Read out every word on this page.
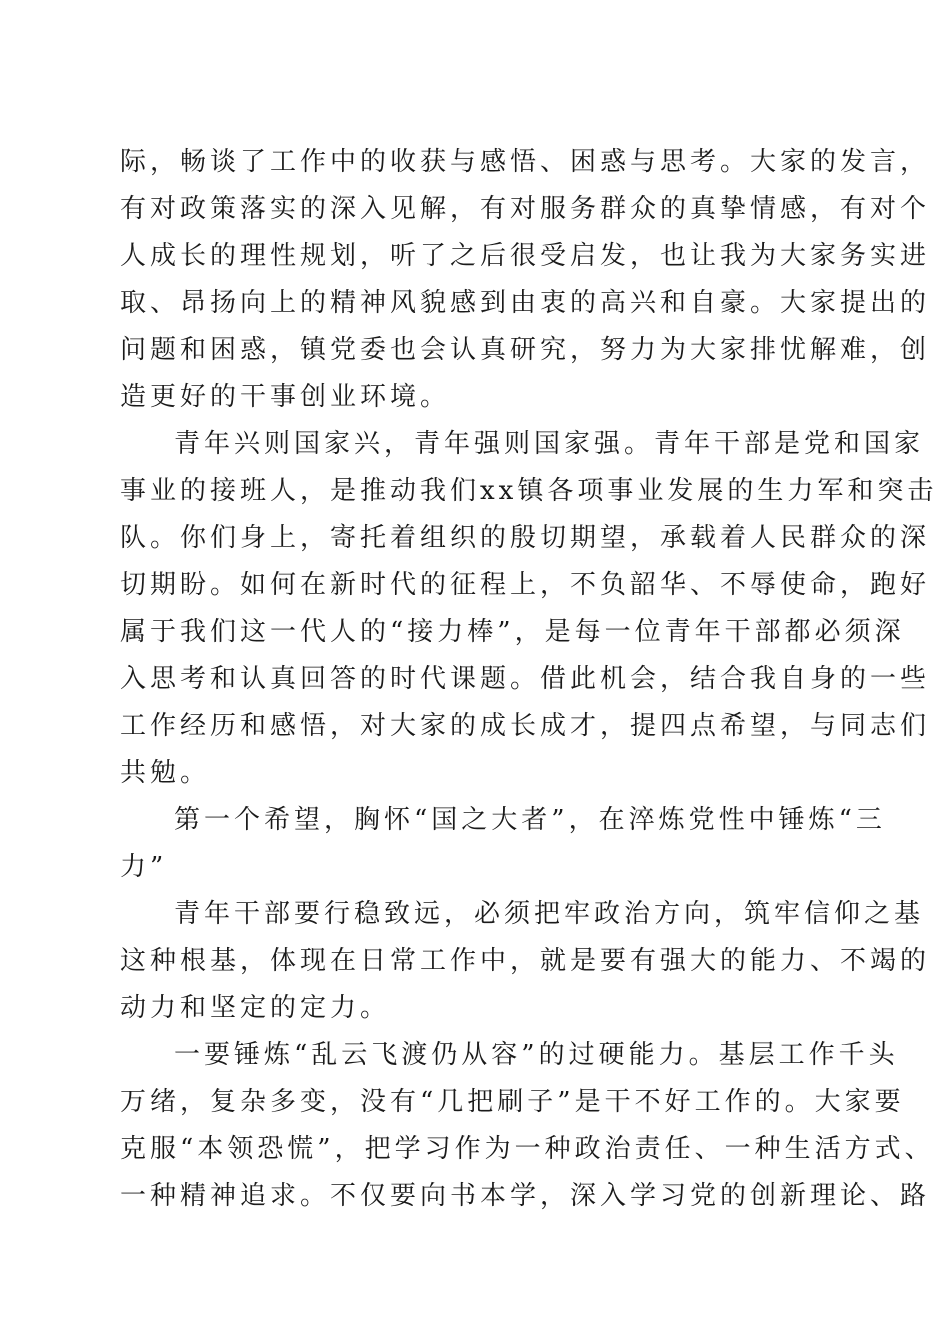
际，畅谈了工作中的收获与感悟、困惑与思考。大家的发言，
有对政策落实的深入见解，有对服务群众的真挚情感，有对个
人成长的理性规划，听了之后很受启发，也让我为大家务实进
取、昂扬向上的精神风貌感到由衷的高兴和自豪。大家提出的
问题和困惑，镇党委也会认真研究，努力为大家排忧解难，创
造更好的干事创业环境。
青年兴则国家兴，青年强则国家强。青年干部是党和国家
事业的接班人，是推动我们xx镇各项事业发展的生力军和突击
队。你们身上，寄托着组织的殷切期望，承载着人民群众的深
切期盼。如何在新时代的征程上，不负韶华、不辱使命，跑好
属于我们这一代人的“接力棒”，是每一位青年干部都必须深
入思考和认真回答的时代课题。借此机会，结合我自身的一些
工作经历和感悟，对大家的成长成才，提四点希望，与同志们
共勉。
第一个希望，胸怀“国之大者”，在淬炼党性中锤炼“三
力”
青年干部要行稳致远，必须把牢政治方向，筑牢信仰之基
这种根基，体现在日常工作中，就是要有强大的能力、不竭的
动力和坚定的定力。
一要锤炼“乱云飞渡仍从容”的过硬能力。基层工作千头
万绪，复杂多变，没有“几把刷子”是干不好工作的。大家要
克服“本领恐慌”，把学习作为一种政治责任、一种生活方式、
一种精神追求。不仅要向书本学，深入学习党的创新理论、路
